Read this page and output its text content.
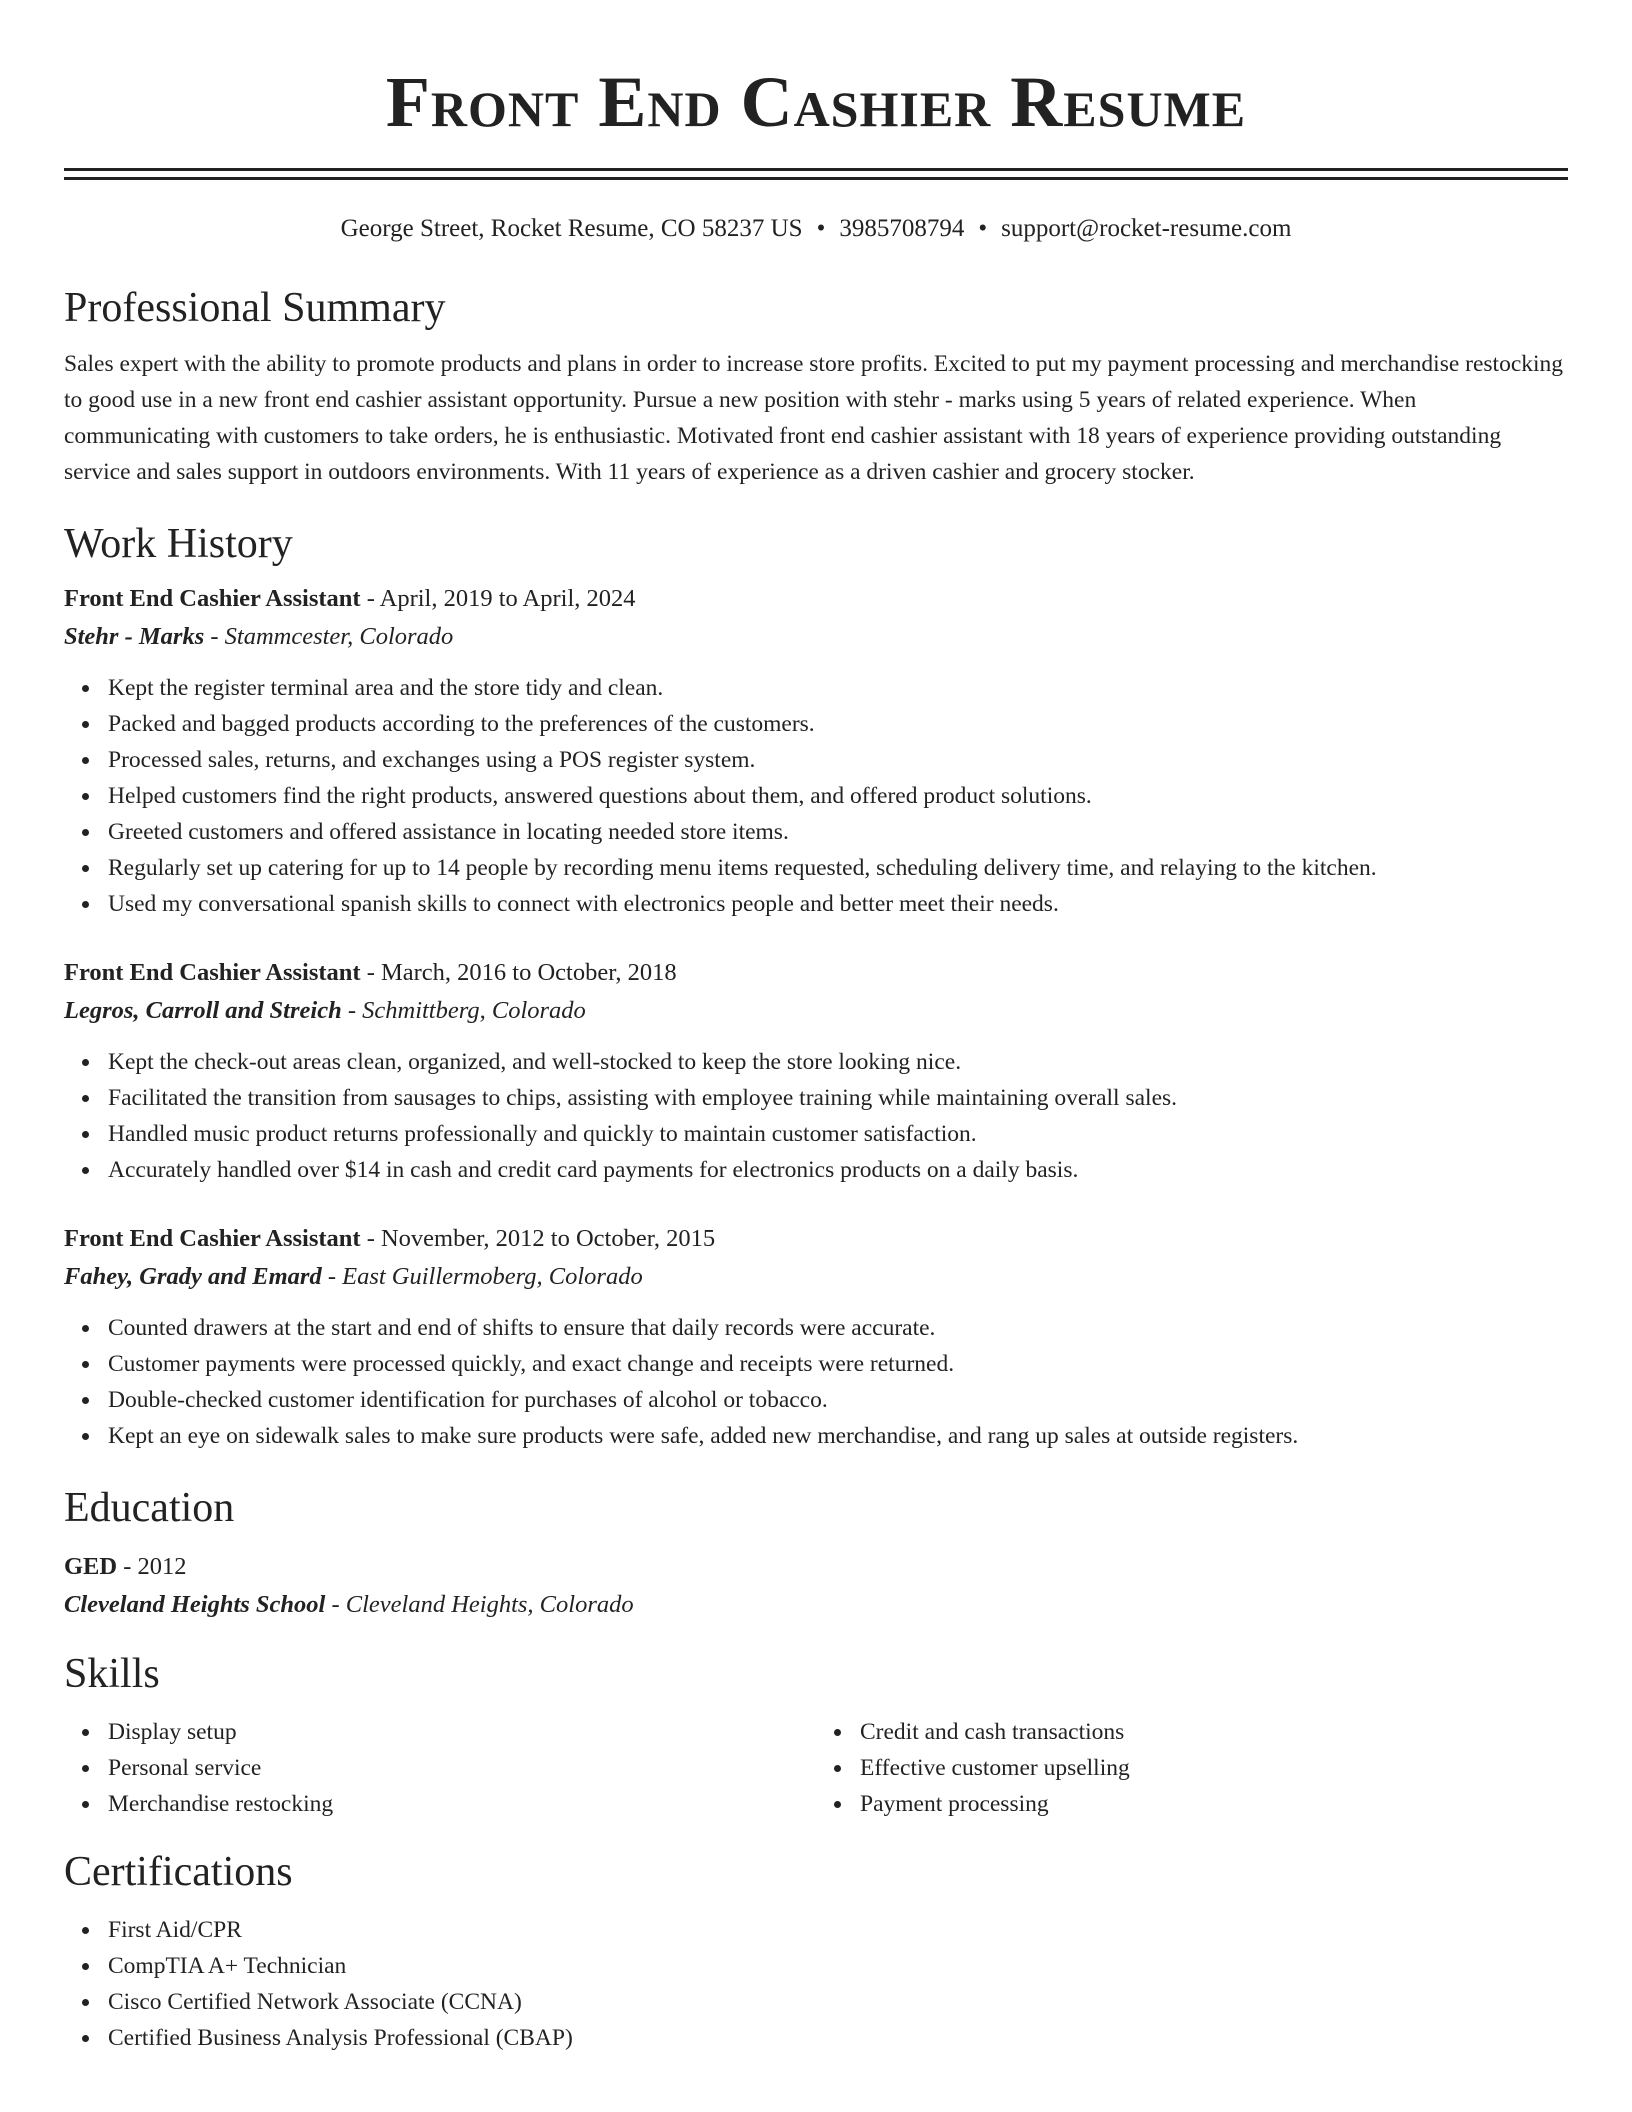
Front End Cashier Resume
George Street, Rocket Resume, CO 58237 US • 3985708794 • support@rocket-resume.com
Professional Summary
Sales expert with the ability to promote products and plans in order to increase store profits. Excited to put my payment processing and merchandise restocking to good use in a new front end cashier assistant opportunity. Pursue a new position with stehr - marks using 5 years of related experience. When communicating with customers to take orders, he is enthusiastic. Motivated front end cashier assistant with 18 years of experience providing outstanding service and sales support in outdoors environments. With 11 years of experience as a driven cashier and grocery stocker.
Work History
Front End Cashier Assistant - April, 2019 to April, 2024
Stehr - Marks - Stammcester, Colorado
Kept the register terminal area and the store tidy and clean.
Packed and bagged products according to the preferences of the customers.
Processed sales, returns, and exchanges using a POS register system.
Helped customers find the right products, answered questions about them, and offered product solutions.
Greeted customers and offered assistance in locating needed store items.
Regularly set up catering for up to 14 people by recording menu items requested, scheduling delivery time, and relaying to the kitchen.
Used my conversational spanish skills to connect with electronics people and better meet their needs.
Front End Cashier Assistant - March, 2016 to October, 2018
Legros, Carroll and Streich - Schmittberg, Colorado
Kept the check-out areas clean, organized, and well-stocked to keep the store looking nice.
Facilitated the transition from sausages to chips, assisting with employee training while maintaining overall sales.
Handled music product returns professionally and quickly to maintain customer satisfaction.
Accurately handled over $14 in cash and credit card payments for electronics products on a daily basis.
Front End Cashier Assistant - November, 2012 to October, 2015
Fahey, Grady and Emard - East Guillermoberg, Colorado
Counted drawers at the start and end of shifts to ensure that daily records were accurate.
Customer payments were processed quickly, and exact change and receipts were returned.
Double-checked customer identification for purchases of alcohol or tobacco.
Kept an eye on sidewalk sales to make sure products were safe, added new merchandise, and rang up sales at outside registers.
Education
GED - 2012
Cleveland Heights School - Cleveland Heights, Colorado
Skills
Display setup
Personal service
Merchandise restocking
Credit and cash transactions
Effective customer upselling
Payment processing
Certifications
First Aid/CPR
CompTIA A+ Technician
Cisco Certified Network Associate (CCNA)
Certified Business Analysis Professional (CBAP)
